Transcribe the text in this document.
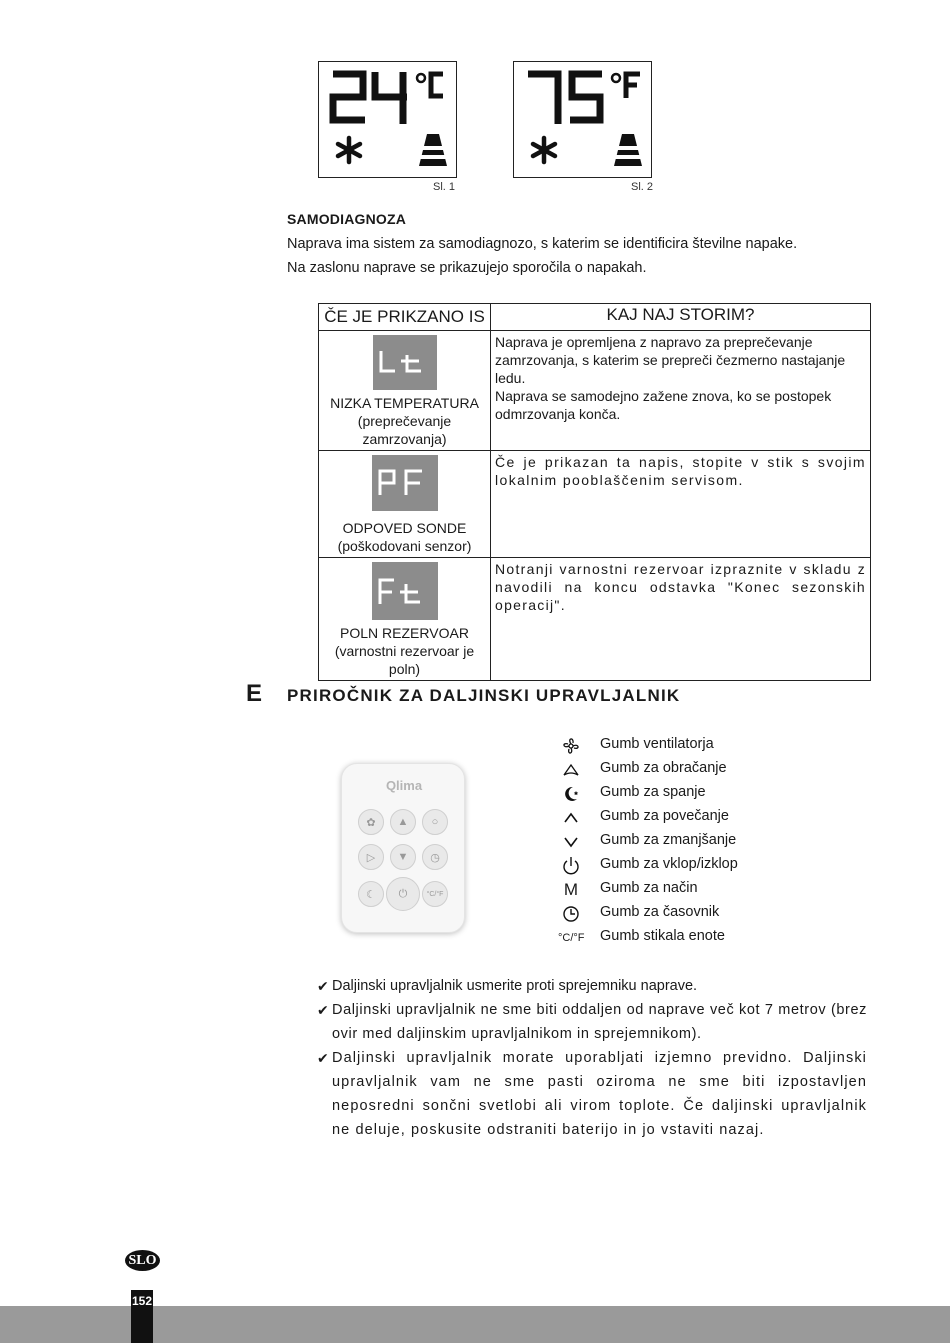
Sl. 1	Sl. 2
SAMODIAGNOZA
Naprava ima sistem za samodiagnozo, s katerim se identificira številne napake.
Na zaslonu naprave se prikazujejo sporočila o napakah.
ČE JE PRIKZANO IS	KAJ NAJ STORIM?

NIZKA TEMPERATURA (preprečevanje zamrzovanja)	Naprava je opremljena z napravo za preprečevanje zamrzovanja, s katerim se prepreči čezmerno nastajanje ledu.
Naprava se samodejno zažene znova, ko se postopek odmrzovanja konča.

ODPOVED SONDE (poškodovani senzor)	Če je prikazan ta napis, stopite v stik s svojim lokalnim pooblaščenim servisom.

POLN REZERVOAR (varnostni rezervoar je poln)	Notranji varnostni rezervoar izpraznite v skladu z navodili na koncu odstavka "Konec sezonskih operacij".
E PRIROČNIK ZA DALJINSKI UPRAVLJALNIK
Qlima
✿	▲	○
▷	▼	◷
☾	⏻	°C/°F
Gumb ventilatorja
Gumb za obračanje
Gumb za spanje
Gumb za povečanje
Gumb za zmanjšanje
Gumb za vklop/izklop
M	Gumb za način
Gumb za časovnik
°C/°F	Gumb stikala enote
✔ Daljinski upravljalnik usmerite proti sprejemniku naprave.
✔ Daljinski upravljalnik ne sme biti oddaljen od naprave več kot 7 metrov (brez ovir med daljinskim upravljalnikom in sprejemnikom).
✔ Daljinski upravljalnik morate uporabljati izjemno previdno. Daljinski upravljalnik vam ne sme pasti oziroma ne sme biti izpostavljen neposredni sončni svetlobi ali virom toplote. Če daljinski upravljalnik ne deluje, poskusite odstraniti baterijo in jo vstaviti nazaj.
SLO
152
